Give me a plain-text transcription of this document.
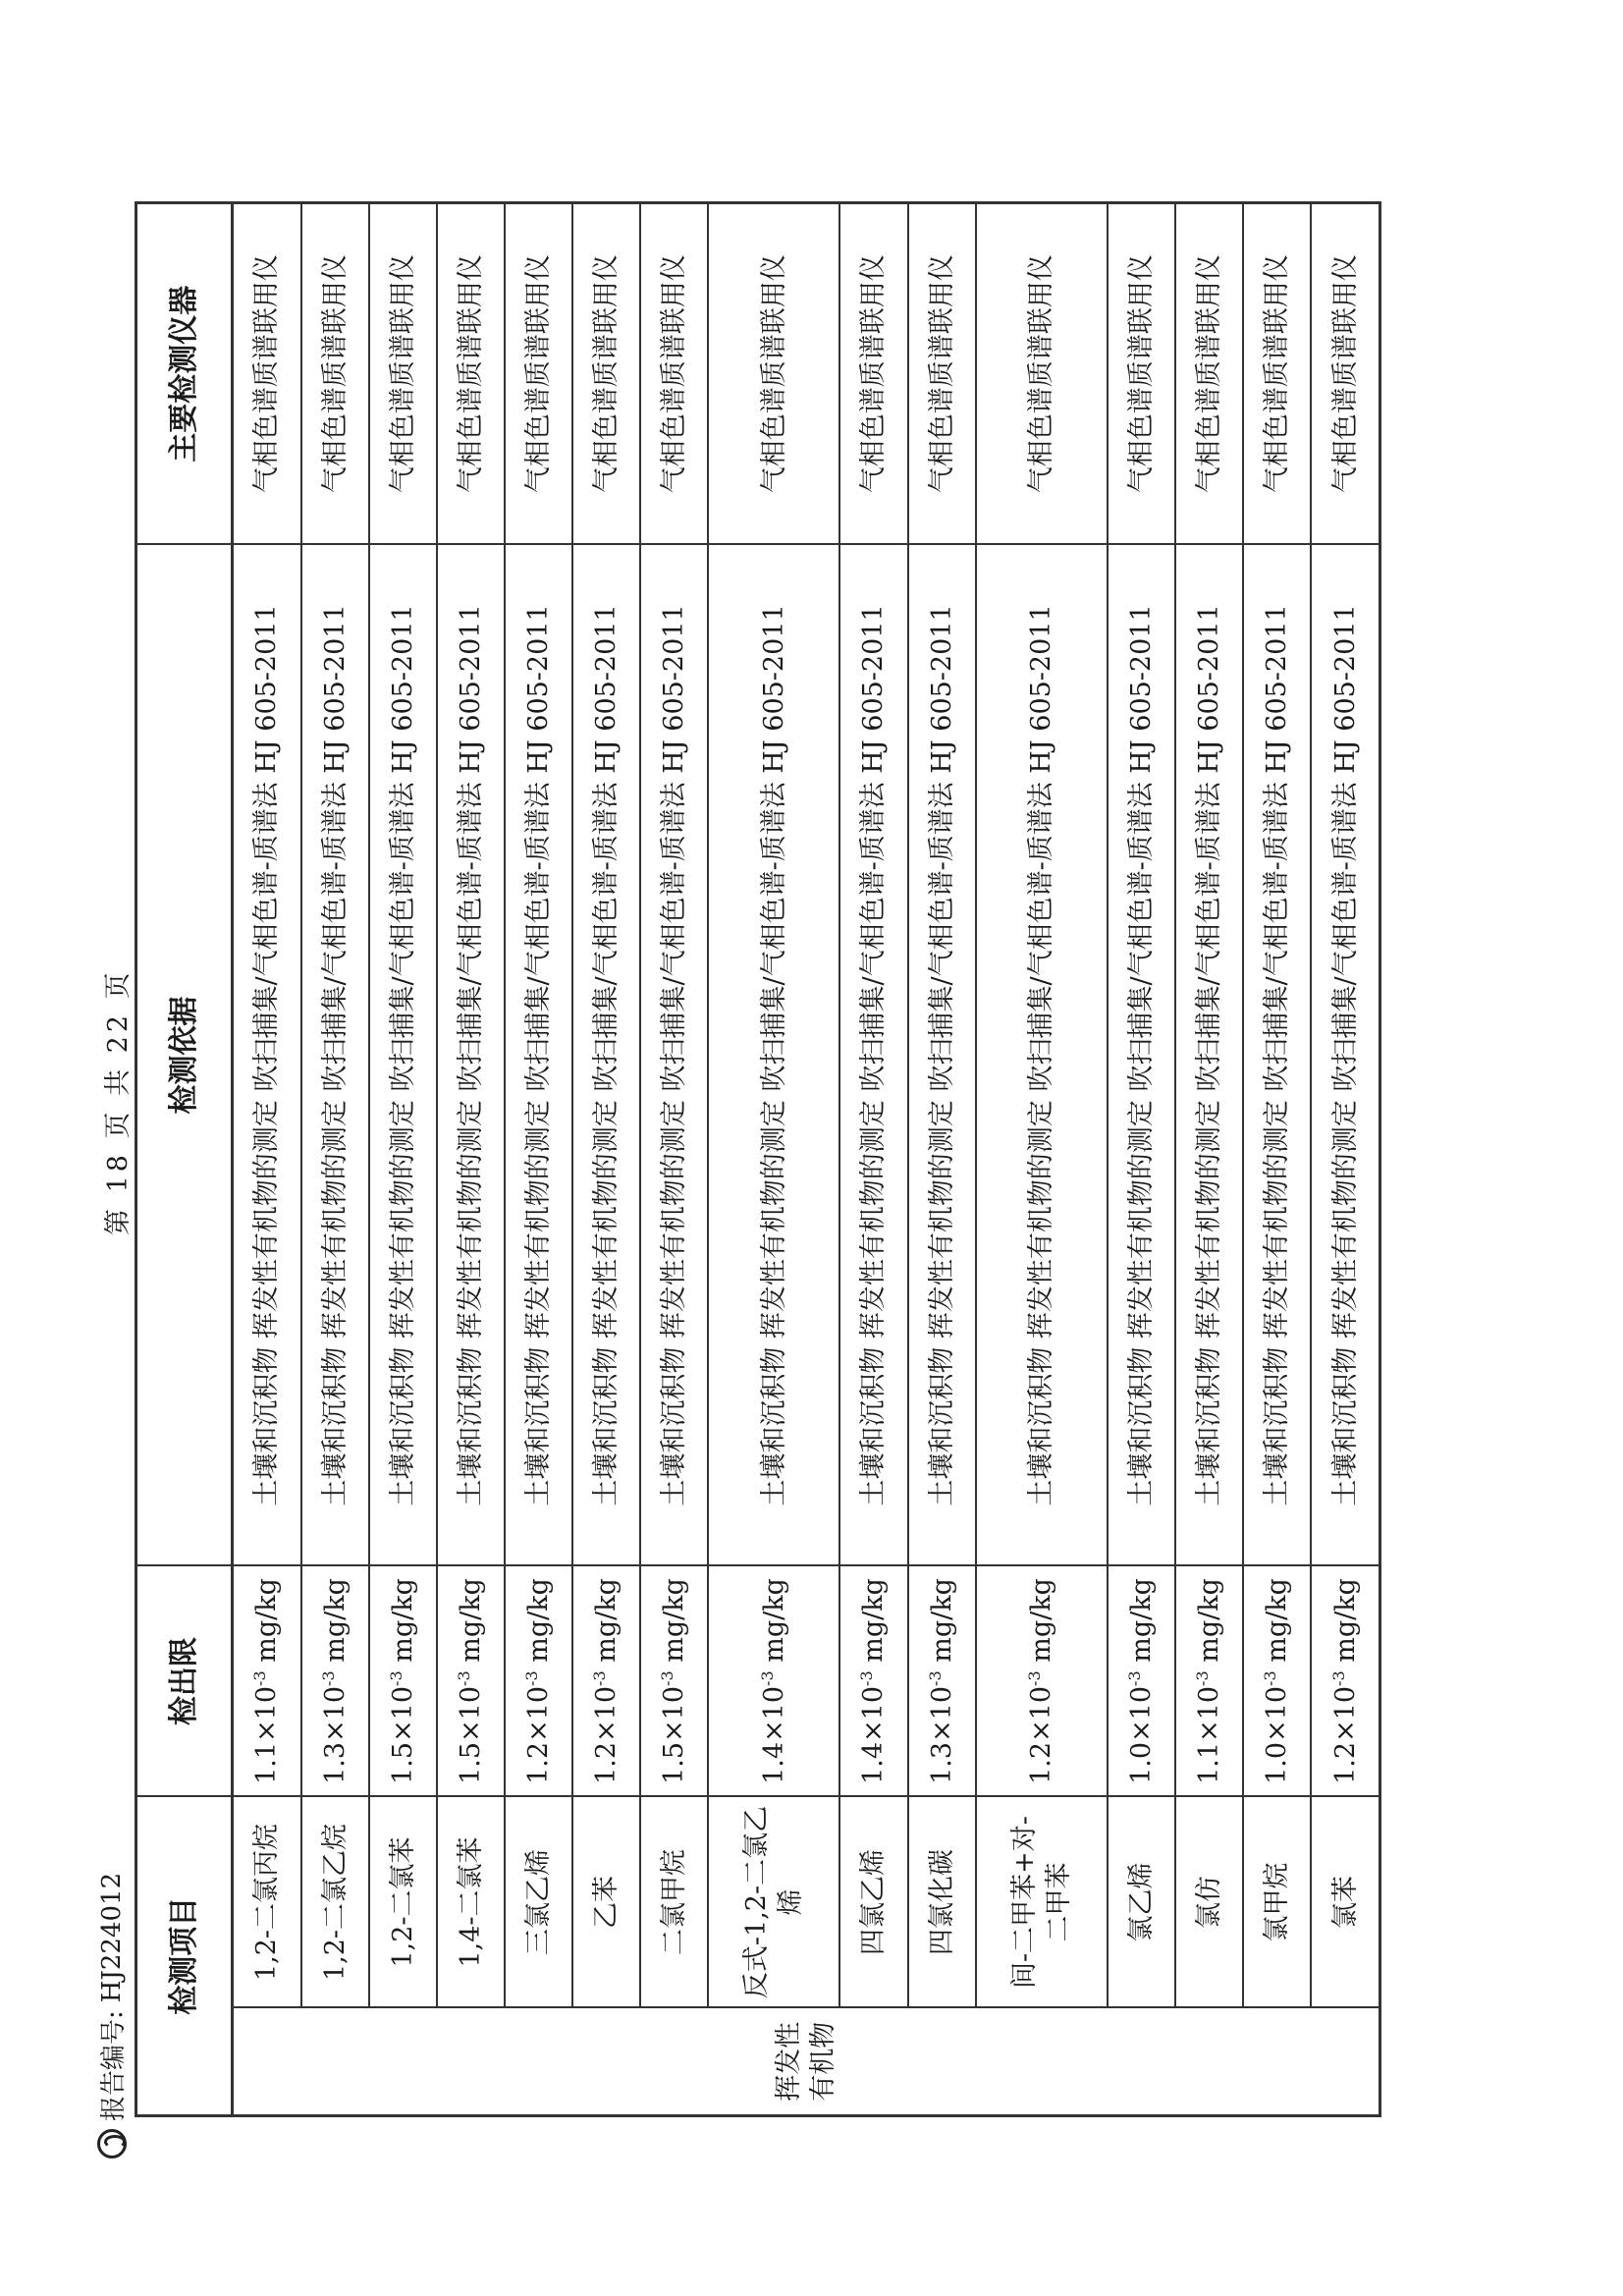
报告编号:
HJ224012
第 18 页 共 22 页
检测项目		检出限	检测依据	主要检测仪器
挥发性有机物	1,2-二氯丙烷	$1.1\times 10^{-3}$ mg/kg	土壤和沉积物 挥发性有机物的测定 吹扫捕集/气相色谱-质谱法 HJ 605-2011	气相色谱质谱联用仪
	1,2-二氯乙烷	$1.3\times 10^{-3}$ mg/kg	土壤和沉积物 挥发性有机物的测定 吹扫捕集/气相色谱-质谱法 HJ 605-2011	气相色谱质谱联用仪
	1,2-二氯苯	$1.5\times 10^{-3}$ mg/kg	土壤和沉积物 挥发性有机物的测定 吹扫捕集/气相色谱-质谱法 HJ 605-2011	气相色谱质谱联用仪
	1,4-二氯苯	$1.5\times 10^{-3}$ mg/kg	土壤和沉积物 挥发性有机物的测定 吹扫捕集/气相色谱-质谱法 HJ 605-2011	气相色谱质谱联用仪
	三氯乙烯	$1.2\times 10^{-3}$ mg/kg	土壤和沉积物 挥发性有机物的测定 吹扫捕集/气相色谱-质谱法 HJ 605-2011	气相色谱质谱联用仪
	乙苯	$1.2\times 10^{-3}$ mg/kg	土壤和沉积物 挥发性有机物的测定 吹扫捕集/气相色谱-质谱法 HJ 605-2011	气相色谱质谱联用仪
	二氯甲烷	$1.5\times 10^{-3}$ mg/kg	土壤和沉积物 挥发性有机物的测定 吹扫捕集/气相色谱-质谱法 HJ 605-2011	气相色谱质谱联用仪
	反式-1,2-二氯乙烯	$1.4\times 10^{-3}$ mg/kg	土壤和沉积物 挥发性有机物的测定 吹扫捕集/气相色谱-质谱法 HJ 605-2011	气相色谱质谱联用仪
	四氯乙烯	$1.4\times 10^{-3}$ mg/kg	土壤和沉积物 挥发性有机物的测定 吹扫捕集/气相色谱-质谱法 HJ 605-2011	气相色谱质谱联用仪
	四氯化碳	$1.3\times 10^{-3}$ mg/kg	土壤和沉积物 挥发性有机物的测定 吹扫捕集/气相色谱-质谱法 HJ 605-2011	气相色谱质谱联用仪
	间-二甲苯+对-二甲苯	$1.2\times 10^{-3}$ mg/kg	土壤和沉积物 挥发性有机物的测定 吹扫捕集/气相色谱-质谱法 HJ 605-2011	气相色谱质谱联用仪
	氯乙烯	$1.0\times 10^{-3}$ mg/kg	土壤和沉积物 挥发性有机物的测定 吹扫捕集/气相色谱-质谱法 HJ 605-2011	气相色谱质谱联用仪
	氯仿	$1.1\times 10^{-3}$ mg/kg	土壤和沉积物 挥发性有机物的测定 吹扫捕集/气相色谱-质谱法 HJ 605-2011	气相色谱质谱联用仪
	氯甲烷	$1.0\times 10^{-3}$ mg/kg	土壤和沉积物 挥发性有机物的测定 吹扫捕集/气相色谱-质谱法 HJ 605-2011	气相色谱质谱联用仪
	氯苯	$1.2\times 10^{-3}$ mg/kg	土壤和沉积物 挥发性有机物的测定 吹扫捕集/气相色谱-质谱法 HJ 605-2011	气相色谱质谱联用仪
